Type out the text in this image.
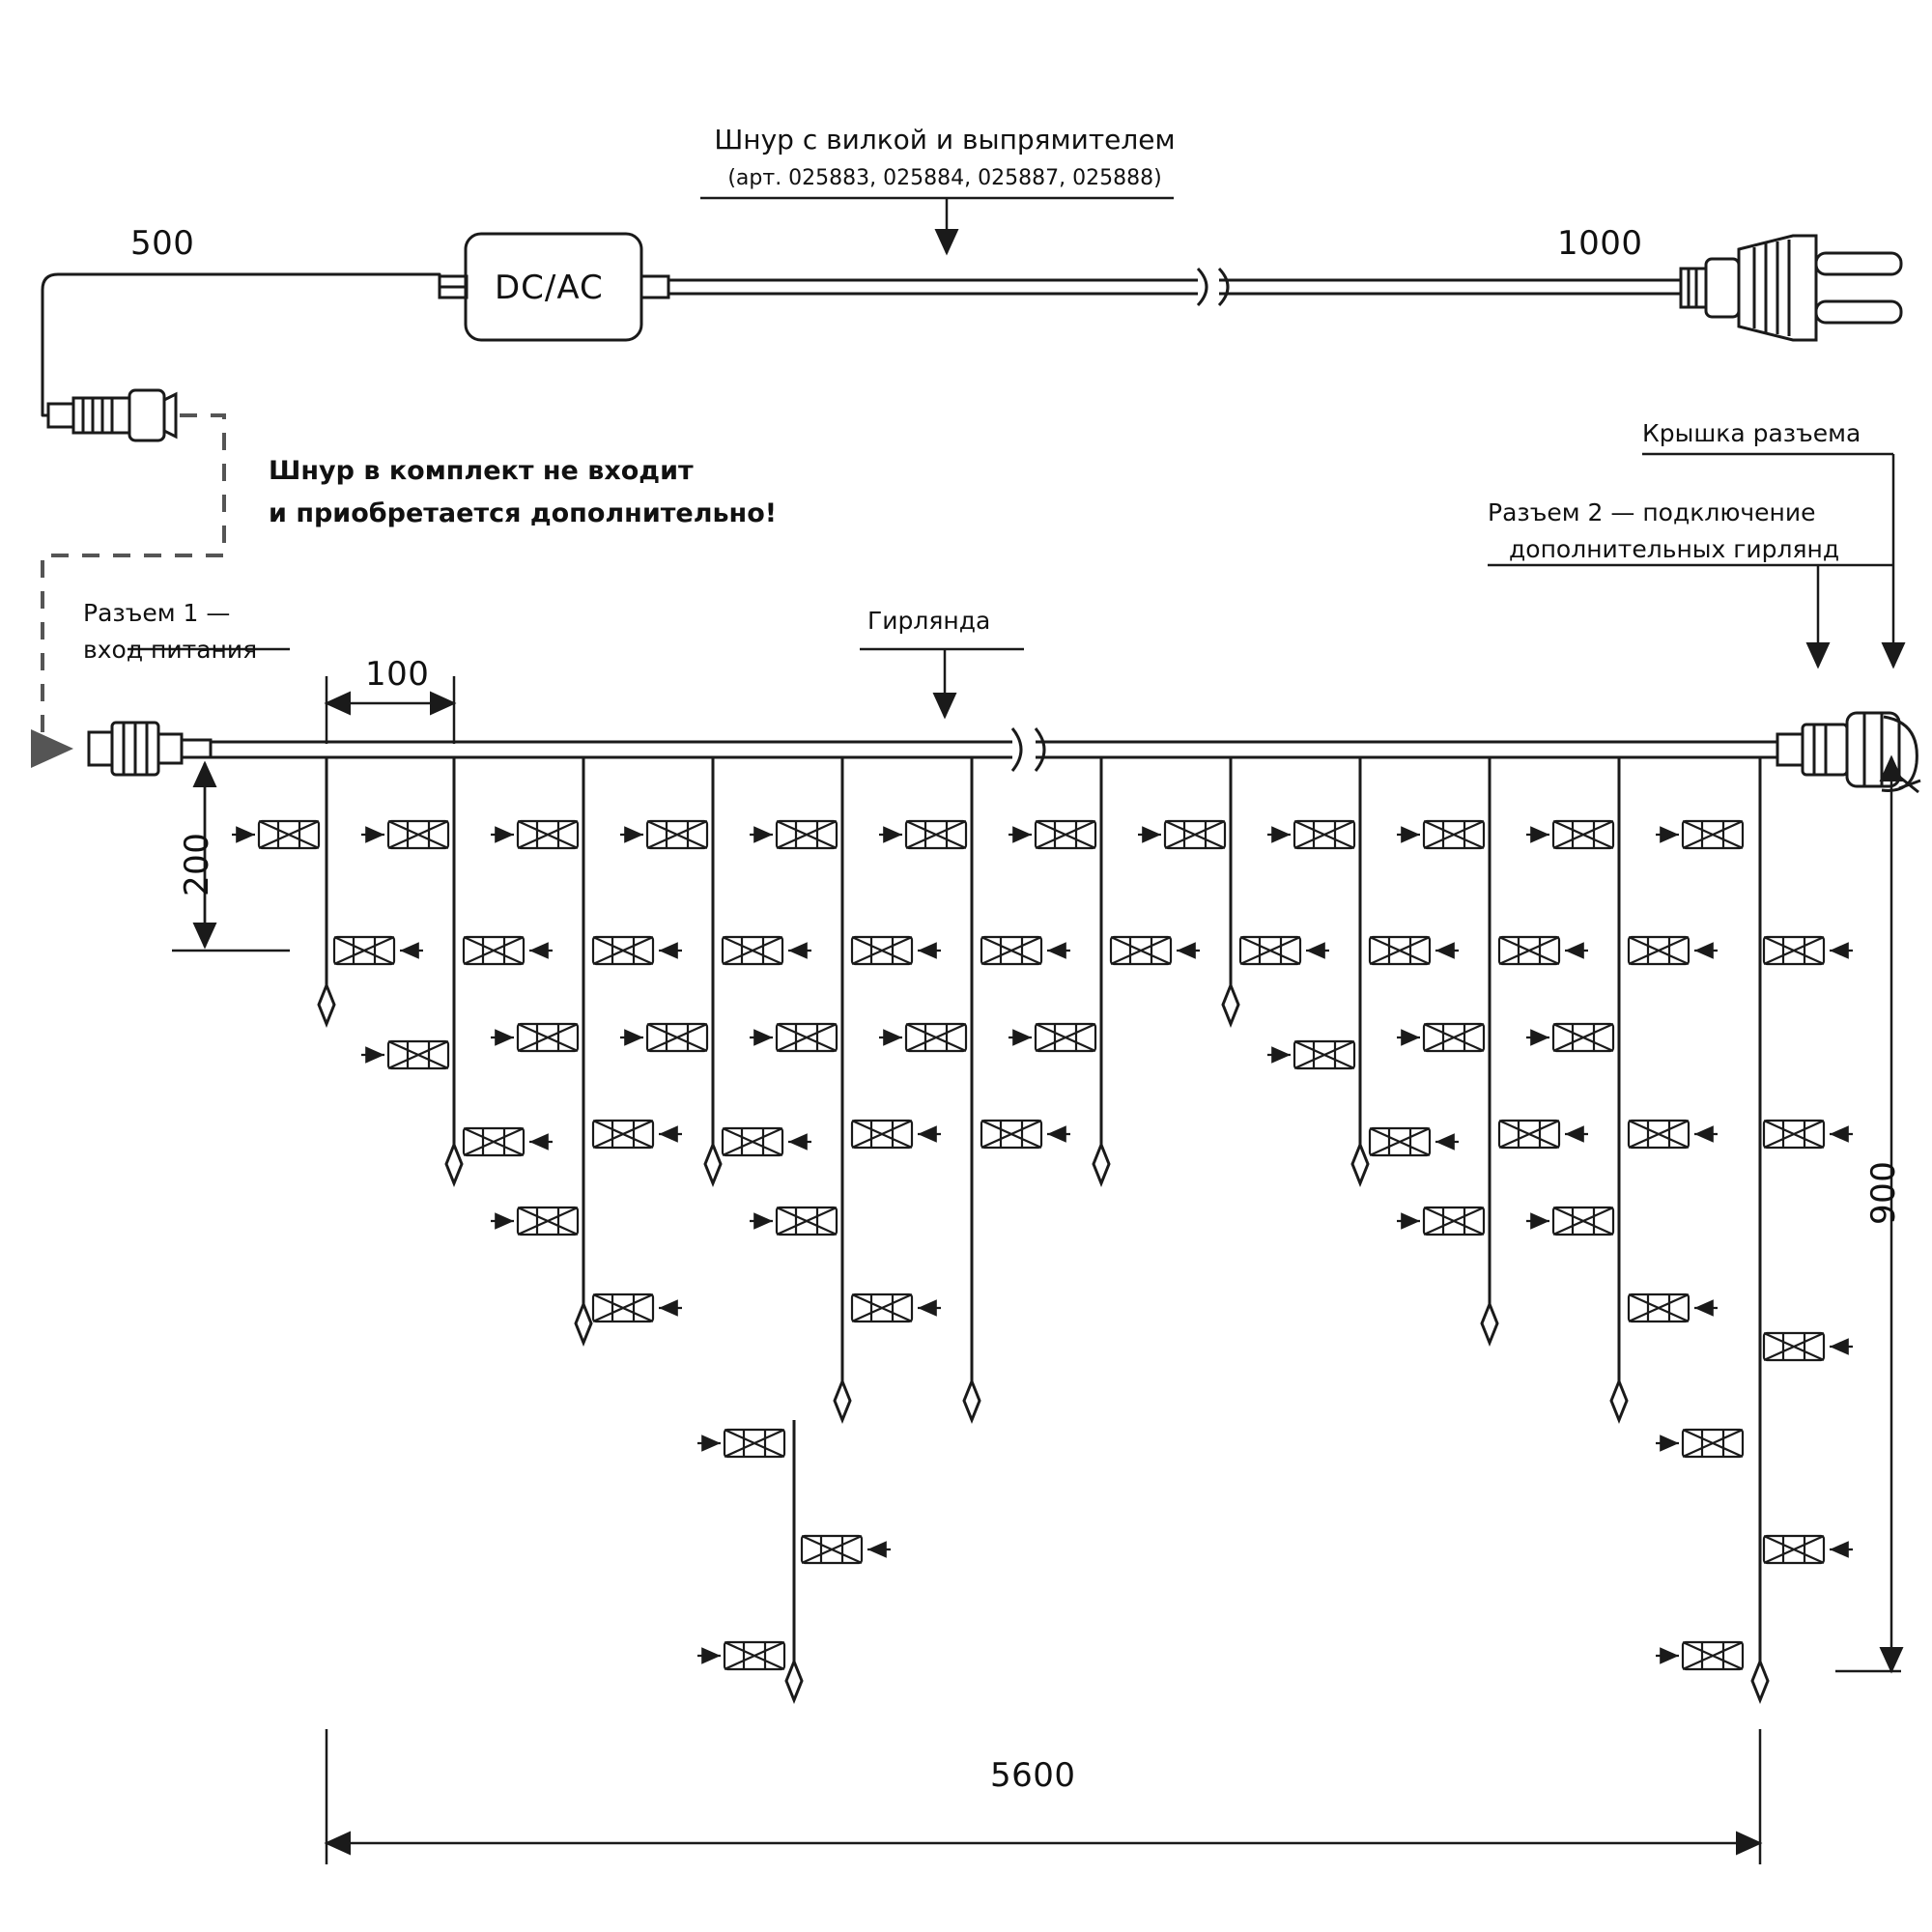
Шнур с вилкой и выпрямителем
(арт. 025883, 025884, 025887, 025888)
500	1000
DC/AC
Шнур в комплект не входит
и приобретается дополнительно!
Разъем 1 —
вход питания
Гирлянда
Крышка разъема
Разъем 2 — подключение
дополнительных гирлянд
100
200
900
5600
